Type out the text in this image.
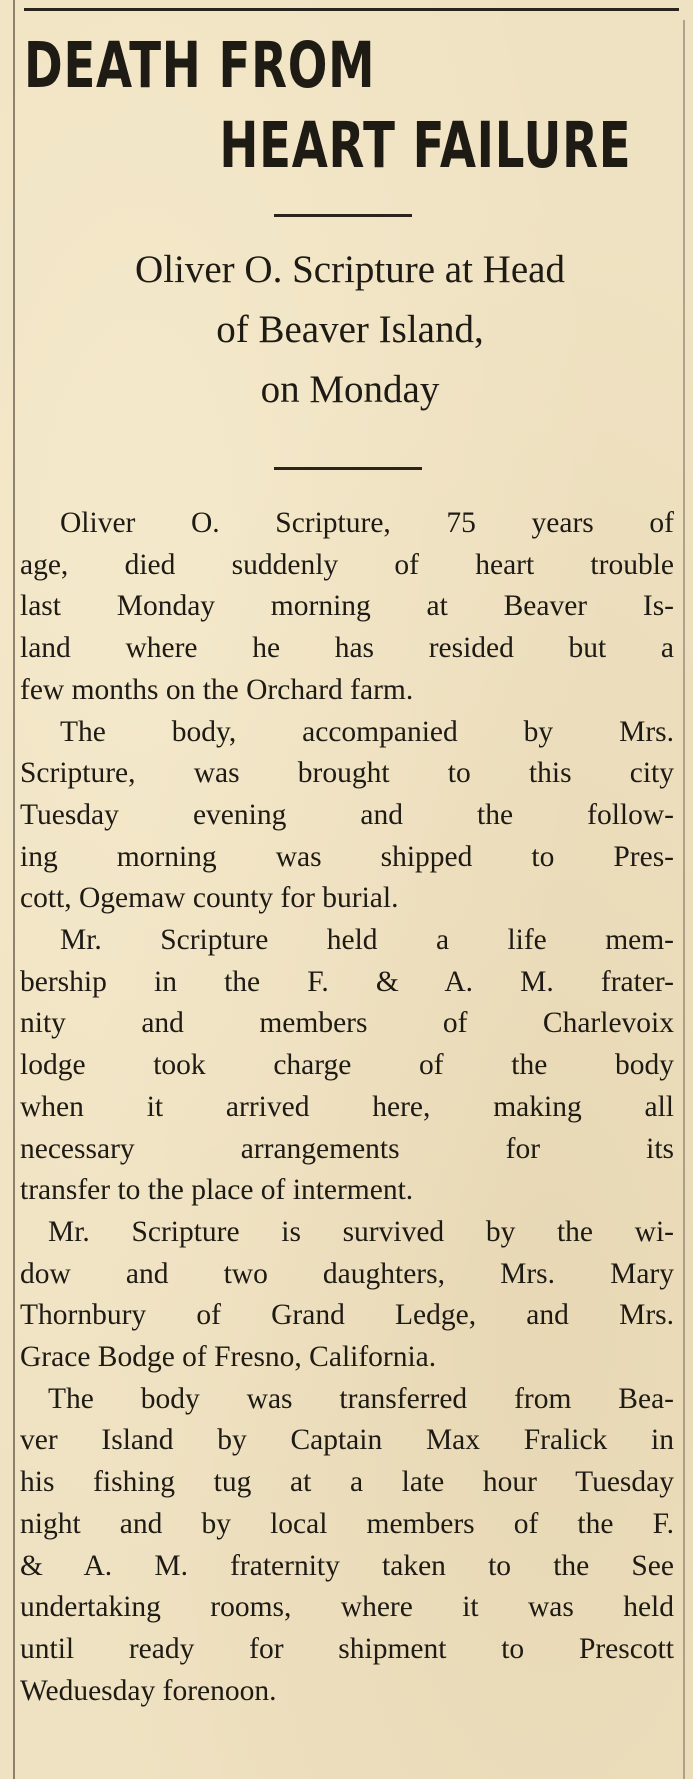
DEATH FROM
HEART FAILURE
Oliver O. Scripture at Head
of Beaver Island,
on Monday
Oliver O. Scripture, 75 years of
age, died suddenly of heart trouble
last Monday morning at Beaver Is-
land where he has resided but a
few months on the Orchard farm.
The body, accompanied by Mrs.
Scripture, was brought to this city
Tuesday evening and the follow-
ing morning was shipped to Pres-
cott, Ogemaw county for burial.
Mr. Scripture held a life mem-
bership in the F. & A. M. frater-
nity and members of Charlevoix
lodge took charge of the body
when it arrived here, making all
necessary arrangements for its
transfer to the place of interment.
Mr. Scripture is survived by the wi-
dow and two daughters, Mrs. Mary
Thornbury of Grand Ledge, and Mrs.
Grace Bodge of Fresno, California.
The body was transferred from Bea-
ver Island by Captain Max Fralick in
his fishing tug at a late hour Tuesday
night and by local members of the F.
& A. M. fraternity taken to the See
undertaking rooms, where it was held
until ready for shipment to Prescott
Weduesday forenoon.
